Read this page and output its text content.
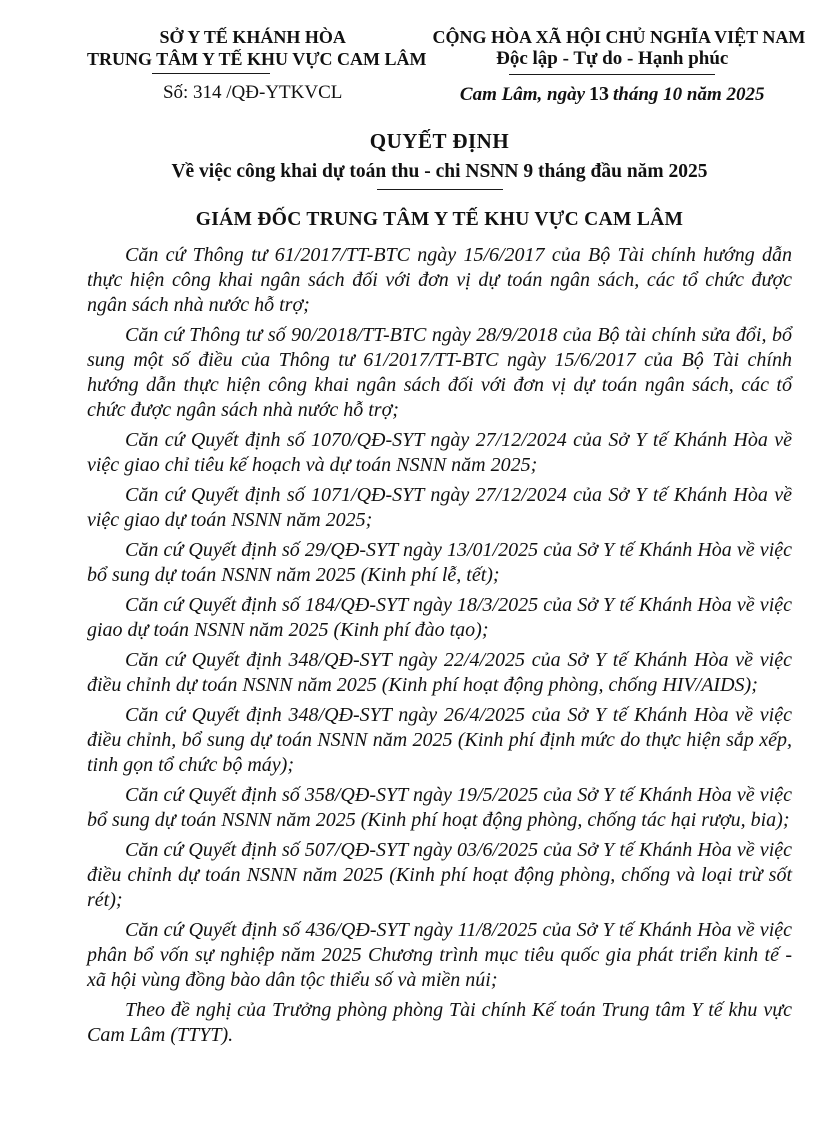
SỞ Y TẾ KHÁNH HÒA
TRUNG TÂM Y TẾ KHU VỰC CAM LÂM
Số: 314 /QĐ-YTKVCL
CỘNG HÒA XÃ HỘI CHỦ NGHĨA VIỆT NAM
Độc lập - Tự do - Hạnh phúc
Cam Lâm, ngày 13 tháng 10 năm 2025
QUYẾT ĐỊNH
Về việc công khai dự toán thu - chi NSNN 9 tháng đầu năm 2025
GIÁM ĐỐC TRUNG TÂM Y TẾ KHU VỰC CAM LÂM

Căn cứ Thông tư 61/2017/TT-BTC ngày 15/6/2017 của Bộ Tài chính hướng dẫn thực hiện công khai ngân sách đối với đơn vị dự toán ngân sách, các tổ chức được ngân sách nhà nước hỗ trợ;

Căn cứ Thông tư số 90/2018/TT-BTC ngày 28/9/2018 của Bộ tài chính sửa đổi, bổ sung một số điều của Thông tư 61/2017/TT-BTC ngày 15/6/2017 của Bộ Tài chính hướng dẫn thực hiện công khai ngân sách đối với đơn vị dự toán ngân sách, các tổ chức được ngân sách nhà nước hỗ trợ;

Căn cứ Quyết định số 1070/QĐ-SYT ngày 27/12/2024 của Sở Y tế Khánh Hòa về việc giao chỉ tiêu kế hoạch và dự toán NSNN năm 2025;

Căn cứ Quyết định số 1071/QĐ-SYT ngày 27/12/2024 của Sở Y tế Khánh Hòa về việc giao dự toán NSNN năm 2025;

Căn cứ Quyết định số 29/QĐ-SYT ngày 13/01/2025 của Sở Y tế Khánh Hòa về việc bổ sung dự toán NSNN năm 2025 (Kinh phí lễ, tết);

Căn cứ Quyết định số 184/QĐ-SYT ngày 18/3/2025 của Sở Y tế Khánh Hòa về việc giao dự toán NSNN năm 2025 (Kinh phí đào tạo);

Căn cứ Quyết định 348/QĐ-SYT ngày 22/4/2025 của Sở Y tế Khánh Hòa về việc điều chỉnh dự toán NSNN năm 2025 (Kinh phí hoạt động phòng, chống HIV/AIDS);

Căn cứ Quyết định 348/QĐ-SYT ngày 26/4/2025 của Sở Y tế Khánh Hòa về việc điều chỉnh, bổ sung dự toán NSNN năm 2025 (Kinh phí định mức do thực hiện sắp xếp, tinh gọn tổ chức bộ máy);

Căn cứ Quyết định số 358/QĐ-SYT ngày 19/5/2025 của Sở Y tế Khánh Hòa về việc bổ sung dự toán NSNN năm 2025 (Kinh phí hoạt động phòng, chống tác hại rượu, bia);

Căn cứ Quyết định số 507/QĐ-SYT ngày 03/6/2025 của Sở Y tế Khánh Hòa về việc điều chỉnh dự toán NSNN năm 2025 (Kinh phí hoạt động phòng, chống và loại trừ sốt rét);

Căn cứ Quyết định số 436/QĐ-SYT ngày 11/8/2025 của Sở Y tế Khánh Hòa về việc phân bổ vốn sự nghiệp năm 2025 Chương trình mục tiêu quốc gia phát triển kinh tế - xã hội vùng đồng bào dân tộc thiểu số và miền núi;

Theo đề nghị của Trưởng phòng phòng Tài chính Kế toán Trung tâm Y tế khu vực Cam Lâm (TTYT).
